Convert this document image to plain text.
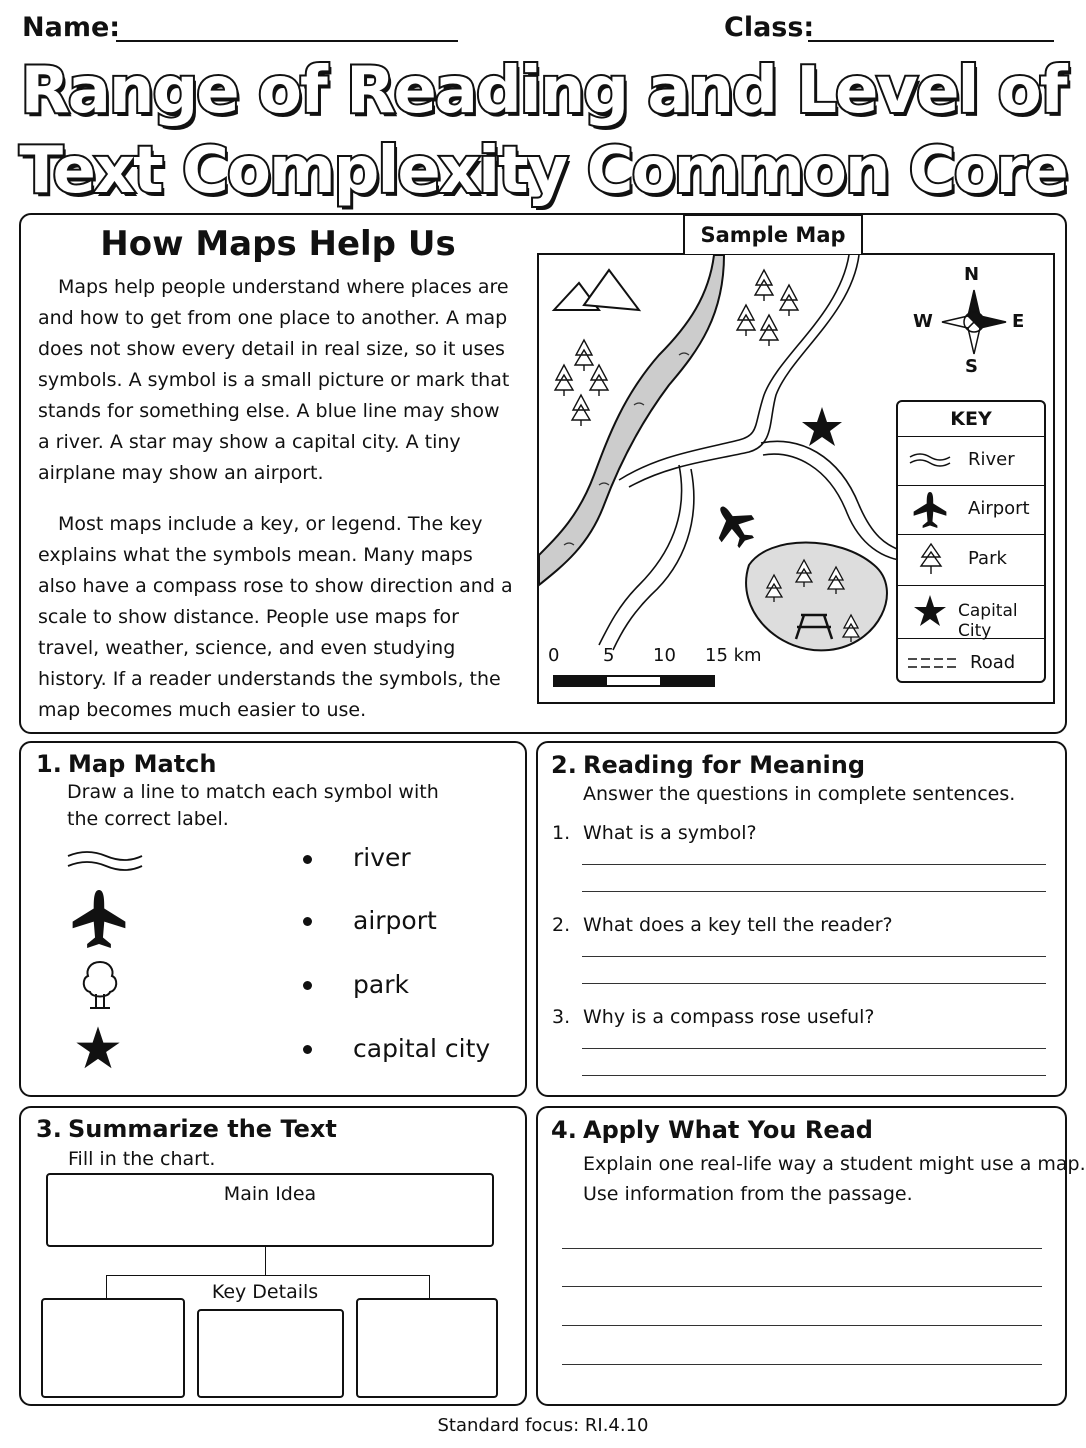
Name:	Class:
Range of Reading and Level of
Text Complexity Common Core
How Maps Help Us
Maps help people understand where places are and how to get from one place to another. A map does not show every detail in real size, so it uses symbols. A symbol is a small picture or mark that stands for something else. A blue line may show a river. A star may show a capital city. A tiny airplane may show an airport.
Most maps include a key, or legend. The key explains what the symbols mean. Many maps also have a compass rose to show direction and a scale to show distance. People use maps for travel, weather, science, and even studying history. If a reader understands the symbols, the map becomes much easier to use.
Sample Map
N
S
E
W
0 5 10 15 km
KEY
River
Airport
Park
Capital City
Road
1. Map Match
Draw a line to match each symbol with the correct label.
river
airport
park
capital city
2. Reading for Meaning
Answer the questions in complete sentences.
1. What is a symbol?
2. What does a key tell the reader?
3. Why is a compass rose useful?
3. Summarize the Text
Fill in the chart.
Main Idea
Key Details
4. Apply What You Read
Explain one real-life way a student might use a map.
Use information from the passage.
Standard focus: RI.4.10
